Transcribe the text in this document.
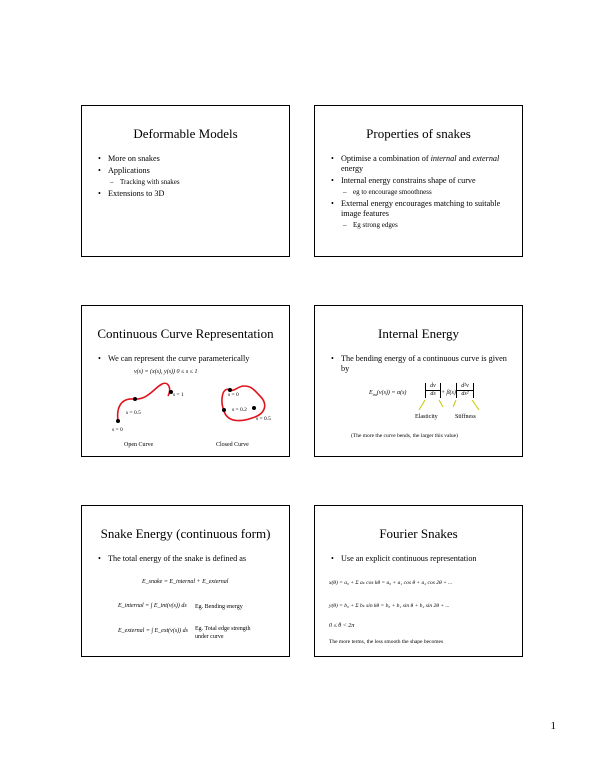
Deformable Models
• More on snakes
• Applications
– Tracking with snakes
• Extensions to 3D
Properties of snakes
• Optimise a combination of internal and external energy
• Internal energy constrains shape of curve
– eg to encourage smoothness
• External energy encourages matching to suitable image features
– Eg strong edges
Continuous Curve Representation
• We can represent the curve parameterically
v(s) = (x(s), y(s)) 0 ≤ s ≤ 1
s = 1
s = 0.5
s = 0
s = 0
s = 0.2
s = 0.5
Open Curve	Closed Curve
Internal Energy
• The bending energy of a continuous curve is given by
$E_{int}(v(s)) = \alpha(s)$
dv
ds + β(s)
d²v
ds²
Elasticity	Stiffness
(The more the curve bends, the larger this value)
Snake Energy (continuous form)
• The total energy of the snake is defined as
E_snake = E_internal + E_external
E_internal = ∫ E_int(v(s)) ds Eg. Bending energy
E_external = ∫ E_ext(v(s)) ds Eg. Total edge strength
under curve
Fourier Snakes
• Use an explicit continuous representation
x(θ) = a₀ + Σ aₖ cos kθ = a₀ + a₁ cos θ + a₂ cos 2θ + ...
y(θ) = b₀ + Σ bₖ sin kθ = b₀ + b₁ sin θ + b₂ sin 2θ + ...
0 ≤ θ < 2π
The more terms, the less smooth the shape becomes
1
